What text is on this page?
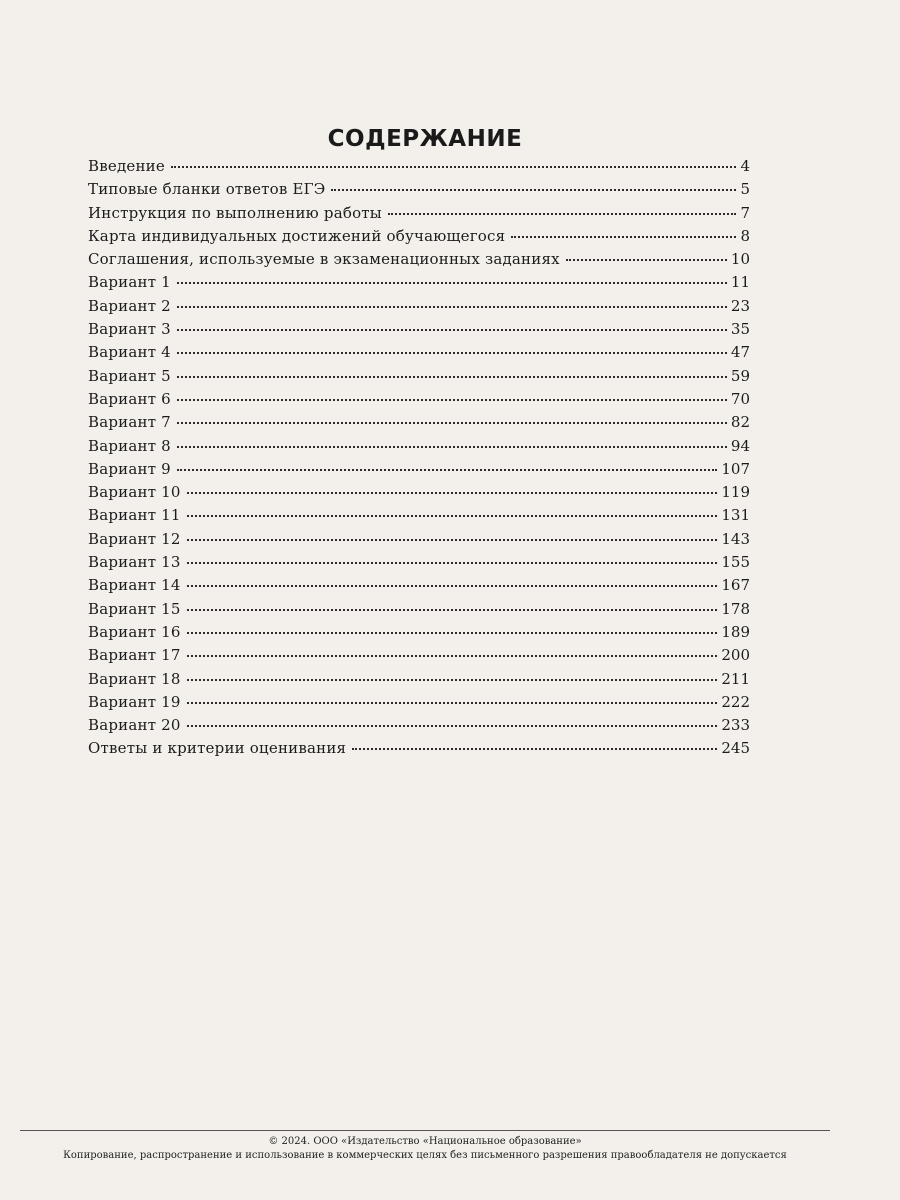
СОДЕРЖАНИЕ
Введение	4
Типовые бланки ответов ЕГЭ	5
Инструкция по выполнению работы	7
Карта индивидуальных достижений обучающегося	8
Соглашения, используемые в экзаменационных заданиях	10
Вариант 1	11
Вариант 2	23
Вариант 3	35
Вариант 4	47
Вариант 5	59
Вариант 6	70
Вариант 7	82
Вариант 8	94
Вариант 9	107
Вариант 10	119
Вариант 11	131
Вариант 12	143
Вариант 13	155
Вариант 14	167
Вариант 15	178
Вариант 16	189
Вариант 17	200
Вариант 18	211
Вариант 19	222
Вариант 20	233
Ответы и критерии оценивания	245
© 2024. ООО «Издательство «Национальное образование»
Копирование, распространение и использование в коммерческих целях без письменного разрешения правообладателя не допускается
